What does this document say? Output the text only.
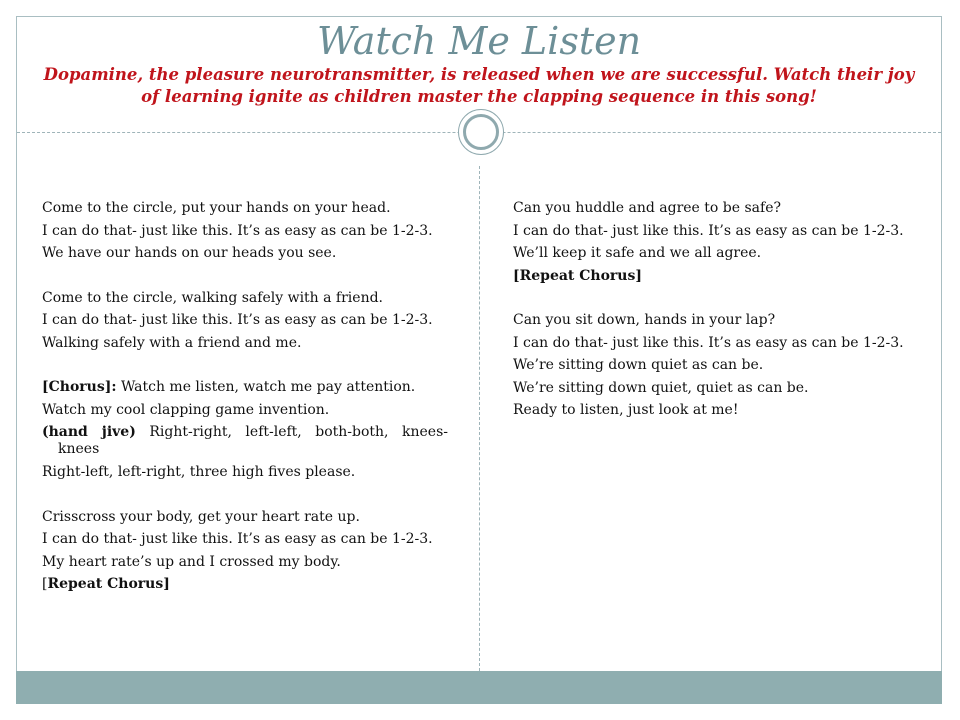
Watch Me Listen

Dopamine, the pleasure neurotransmitter, is released when we are successful. Watch their joy of learning ignite as children master the clapping sequence in this song!

Come to the circle, put your hands on your head.
I can do that- just like this. It’s as easy as can be 1-2-3.
We have our hands on our heads you see.
Come to the circle, walking safely with a friend.
I can do that- just like this. It’s as easy as can be 1-2-3.
Walking safely with a friend and me.
[Chorus]: Watch me listen, watch me pay attention.
Watch my cool clapping game invention.
(hand jive) Right-right, left-left, both-both, knees-
knees
Right-left, left-right, three high fives please.
Crisscross your body, get your heart rate up.
I can do that- just like this. It’s as easy as can be 1-2-3.
My heart rate’s up and I crossed my body.
[Repeat Chorus]
Can you huddle and agree to be safe?
I can do that- just like this. It’s as easy as can be 1-2-3.
We’ll keep it safe and we all agree.
[Repeat Chorus]
Can you sit down, hands in your lap?
I can do that- just like this. It’s as easy as can be 1-2-3.
We’re sitting down quiet as can be.
We’re sitting down quiet, quiet as can be.
Ready to listen, just look at me!
